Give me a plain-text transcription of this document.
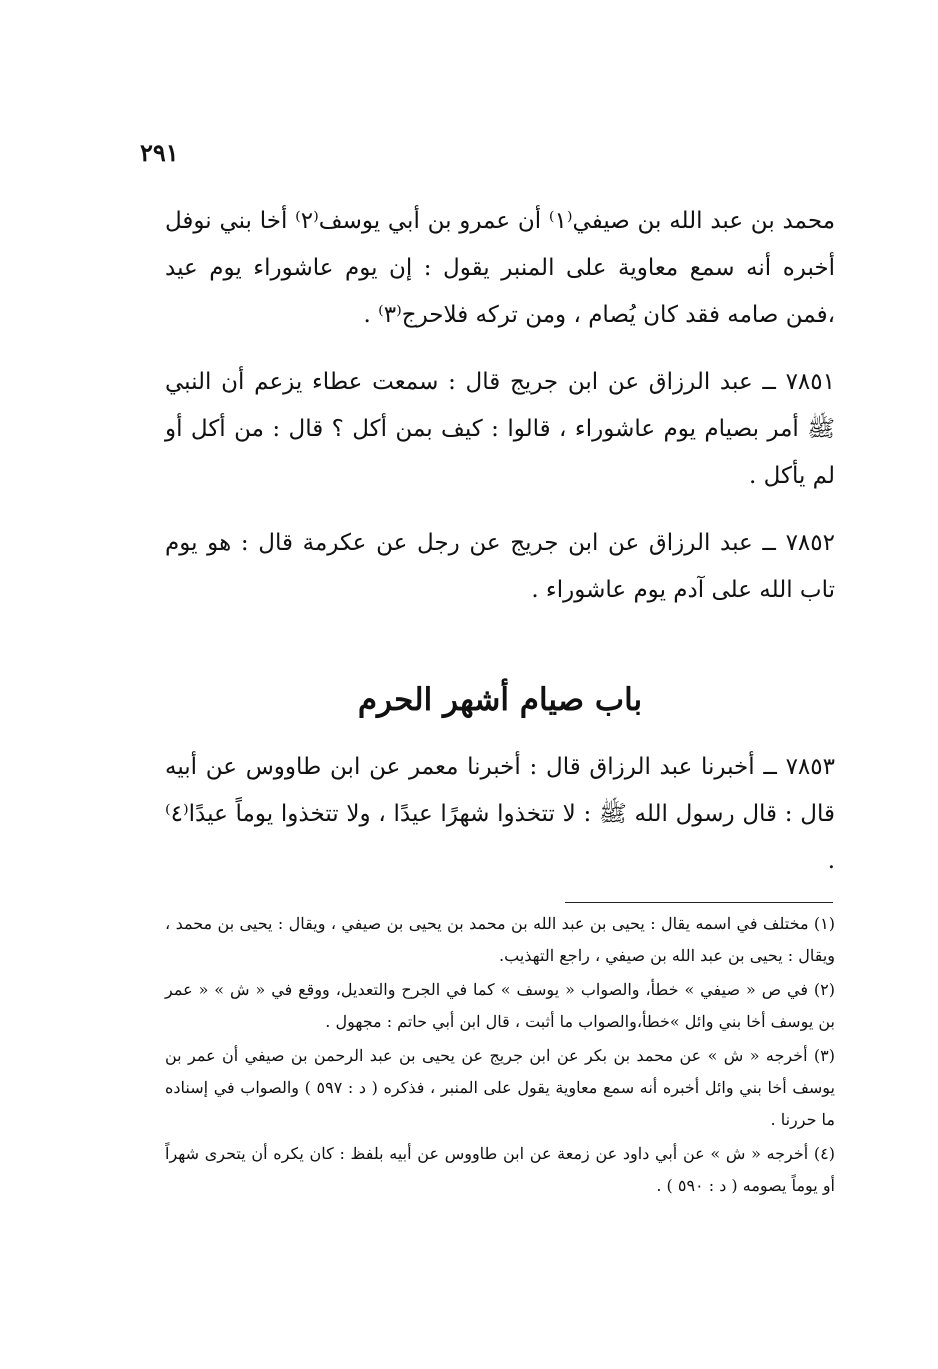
٢٩١

محمد بن عبد الله بن صيفي⁽١⁾ أن عمرو بن أبي يوسف⁽٢⁾ أخا بني نوفل أخبره أنه سمع معاوية على المنبر يقول : إن يوم عاشوراء يوم عيد ،فمن صامه فقد كان يُصام ، ومن تركه فلاحرج⁽٣⁾ .

٧٨٥١ ــ عبد الرزاق عن ابن جريج قال : سمعت عطاء يزعم أن النبي ﷺ أمر بصيام يوم عاشوراء ، قالوا : كيف بمن أكل ؟ قال : من أكل أو لم يأكل .

٧٨٥٢ ــ عبد الرزاق عن ابن جريج عن رجل عن عكرمة قال : هو يوم تاب الله على آدم يوم عاشوراء .

باب صيام أشهر الحرم

٧٨٥٣ ــ أخبرنا عبد الرزاق قال : أخبرنا معمر عن ابن طاووس عن أبيه قال : قال رسول الله ﷺ : لا تتخذوا شهرًا عيدًا ، ولا تتخذوا يوماً عيدًا⁽٤⁾ .

(١) مختلف في اسمه يقال : يحيى بن عبد الله بن محمد بن يحيى بن صيفي ، ويقال : يحيى بن محمد ، ويقال : يحيى بن عبد الله بن صيفي ، راجع التهذيب.

(٢) في ص « صيفي » خطأ، والصواب « يوسف » كما في الجرح والتعديل، ووقع في « ش » « عمر بن يوسف أخا بني وائل »خطأ،والصواب ما أثبت ، قال ابن أبي حاتم : مجهول .

(٣) أخرجه « ش » عن محمد بن بكر عن ابن جريج عن يحيى بن عبد الرحمن بن صيفي أن عمر بن يوسف أخا بني وائل أخبره أنه سمع معاوية يقول على المنبر ، فذكره ( د : ٥٩٧ ) والصواب في إسناده ما حررنا .

(٤) أخرجه « ش » عن أبي داود عن زمعة عن ابن طاووس عن أبيه بلفظ : كان يكره أن يتحرى شهراً أو يوماً يصومه ( د : ٥٩٠ ) .
